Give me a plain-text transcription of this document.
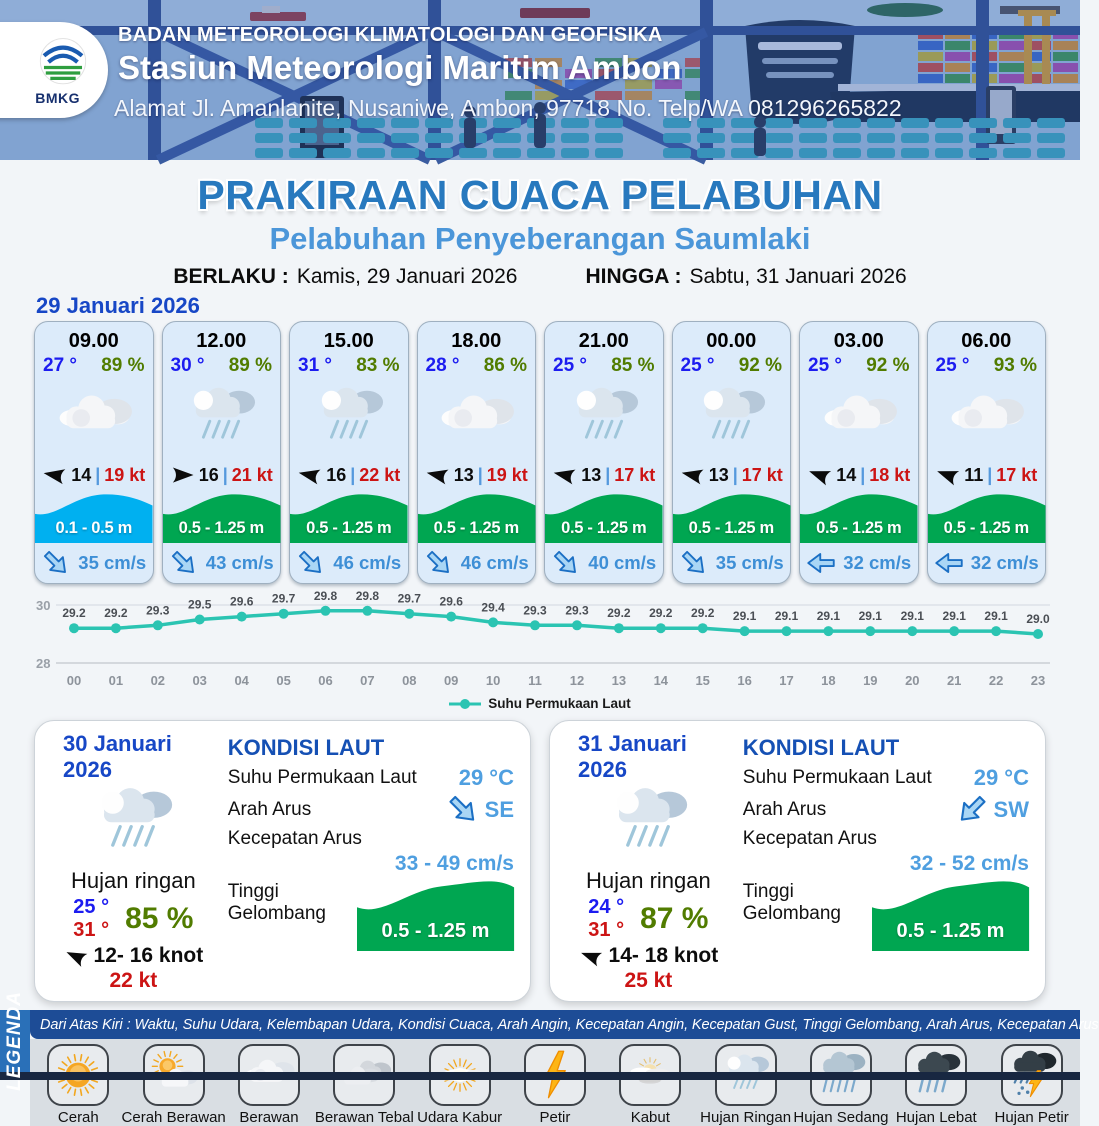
BMKG
BADAN METEOROLOGI KLIMATOLOGI DAN GEOFISIKA
Stasiun Meteorologi Maritim Ambon
Alamat Jl. Amanlanite, Nusaniwe, Ambon, 97718 No. Telp/WA 081296265822
PRAKIRAAN CUACA PELABUHAN
Pelabuhan Penyeberangan Saumlaki
BERLAKU : Kamis, 29 Januari 2026	HINGGA : Sabtu, 31 Januari 2026
29 Januari 2026
09.00
27 ° 89 %
14 | 19 kt
0.1 - 0.5 m
35 cm/s
12.00
30 ° 89 %
16 | 21 kt
0.5 - 1.25 m
43 cm/s
15.00
31 ° 83 %
16 | 22 kt
0.5 - 1.25 m
46 cm/s
18.00
28 ° 86 %
13 | 19 kt
0.5 - 1.25 m
46 cm/s
21.00
25 ° 85 %
13 | 17 kt
0.5 - 1.25 m
40 cm/s
00.00
25 ° 92 %
13 | 17 kt
0.5 - 1.25 m
35 cm/s
03.00
25 ° 92 %
14 | 18 kt
0.5 - 1.25 m
32 cm/s
06.00
25 ° 93 %
11 | 17 kt
0.5 - 1.25 m
32 cm/s
30
28
29.2
00
29.2
01
29.3
02
29.5
03
29.6
04
29.7
05
29.8
06
29.8
07
29.7
08
29.6
09
29.4
10
29.3
11
29.3
12
29.2
13
29.2
14
29.2
15
29.1
16
29.1
17
29.1
18
29.1
19
29.1
20
29.1
21
29.1
22
29.0
23
Suhu Permukaan Laut
30 Januari 2026
Hujan ringan
25 °
31 ° 85 %
12- 16 knot
22 kt
KONDISI LAUT
Suhu Permukaan Laut 29 °C
Arah Arus	SE
Kecepatan Arus
33 - 49 cm/s
Tinggi Gelombang
0.5 - 1.25 m
31 Januari 2026
Hujan ringan
24 °
31 ° 87 %
14- 18 knot
25 kt
KONDISI LAUT
Suhu Permukaan Laut 29 °C
Arah Arus	SW
Kecepatan Arus
32 - 52 cm/s
Tinggi Gelombang
0.5 - 1.25 m
LEGENDA	Dari Atas Kiri : Waktu, Suhu Udara, Kelembapan Udara, Kondisi Cuaca, Arah Angin, Kecepatan Angin, Kecepatan Gust, Tinggi Gelombang, Arah Arus, Kecepatan Arus
Cerah Cerah Berawan Berawan Berawan Tebal Udara Kabur Petir	Kabut Hujan Ringan Hujan Sedang Hujan Lebat Hujan Petir
